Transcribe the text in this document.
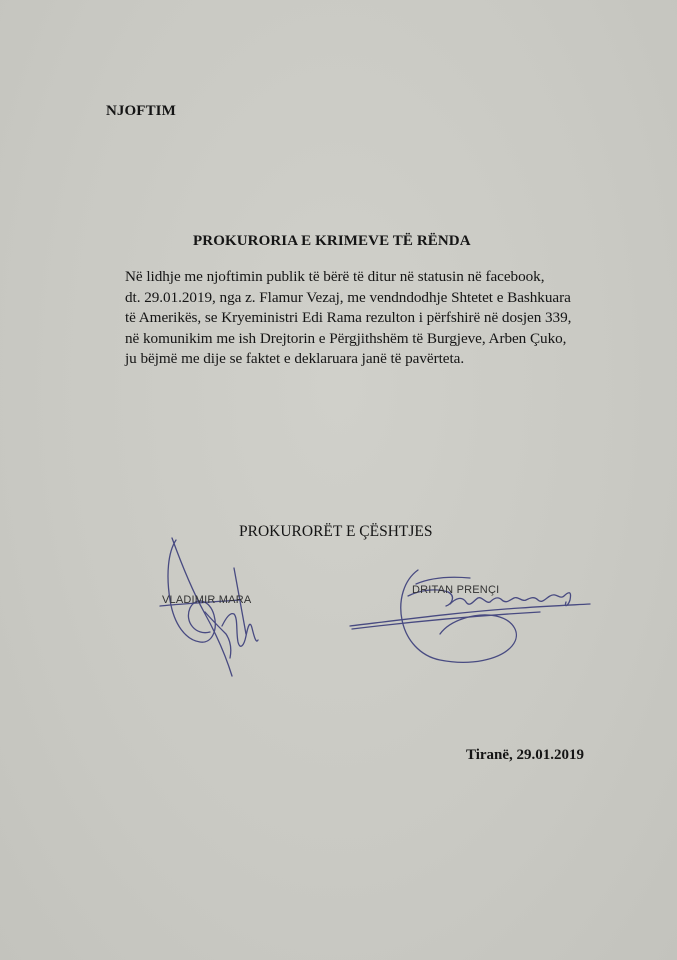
NJOFTIM
PROKURORIA E KRIMEVE TË RËNDA
Në lidhje me njoftimin publik të bërë të ditur në statusin në facebook,
dt. 29.01.2019, nga z. Flamur Vezaj, me vendndodhje Shtetet e Bashkuara
të Amerikës, se Kryeministri Edi Rama rezulton i përfshirë në dosjen 339,
në komunikim me ish Drejtorin e Përgjithshëm të Burgjeve, Arben Çuko,
ju bëjmë me dije se faktet e deklaruara janë të pavërteta.
PROKURORËT E ÇËSHTJES
VLADIMIR MARA
DRITAN PRENÇI
Tiranë, 29.01.2019
